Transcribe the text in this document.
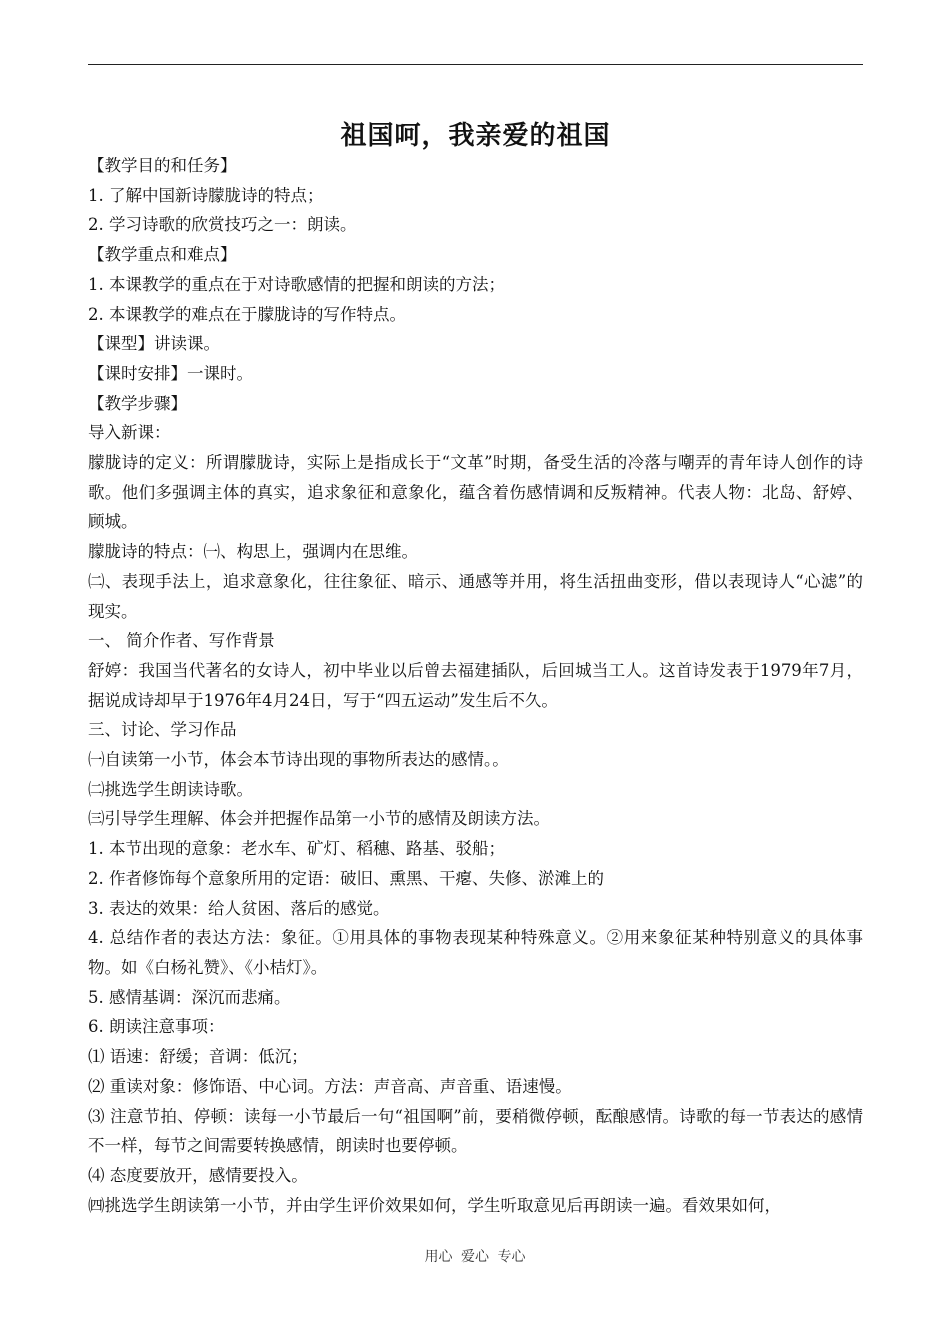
祖国呵，我亲爱的祖国

【教学目的和任务】

1. 了解中国新诗朦胧诗的特点；

2. 学习诗歌的欣赏技巧之一：朗读。

【教学重点和难点】

1. 本课教学的重点在于对诗歌感情的把握和朗读的方法；

2. 本课教学的难点在于朦胧诗的写作特点。

【课型】讲读课。

【课时安排】一课时。

【教学步骤】

导入新课：

朦胧诗的定义：所谓朦胧诗，实际上是指成长于“文革”时期，备受生活的冷落与嘲弄的青年诗人创作的诗歌。他们多强调主体的真实，追求象征和意象化，蕴含着伤感情调和反叛精神。代表人物：北岛、舒婷、顾城。

朦胧诗的特点：㈠、构思上，强调内在思维。

㈡、表现手法上，追求意象化，往往象征、暗示、通感等并用，将生活扭曲变形，借以表现诗人“心滤”的现实。

一、 简介作者、写作背景

舒婷：我国当代著名的女诗人，初中毕业以后曾去福建插队，后回城当工人。这首诗发表于1979年7月，据说成诗却早于1976年4月24日，写于“四五运动”发生后不久。

三、讨论、学习作品

㈠自读第一小节，体会本节诗出现的事物所表达的感情。。

㈡挑选学生朗读诗歌。

㈢引导学生理解、体会并把握作品第一小节的感情及朗读方法。

1. 本节出现的意象：老水车、矿灯、稻穗、路基、驳船；

2. 作者修饰每个意象所用的定语：破旧、熏黑、干瘪、失修、淤滩上的

3. 表达的效果：给人贫困、落后的感觉。

4. 总结作者的表达方法：象征。①用具体的事物表现某种特殊意义。②用来象征某种特别意义的具体事物。如《白杨礼赞》、《小桔灯》。

5. 感情基调：深沉而悲痛。

6. 朗读注意事项：

⑴ 语速：舒缓；音调：低沉；

⑵ 重读对象：修饰语、中心词。方法：声音高、声音重、语速慢。

⑶ 注意节拍、停顿：读每一小节最后一句“祖国啊”前，要稍微停顿，酝酿感情。诗歌的每一节表达的感情不一样，每节之间需要转换感情，朗读时也要停顿。

⑷ 态度要放开，感情要投入。

㈣挑选学生朗读第一小节，并由学生评价效果如何，学生听取意见后再朗读一遍。看效果如何，

用心 爱心 专心
